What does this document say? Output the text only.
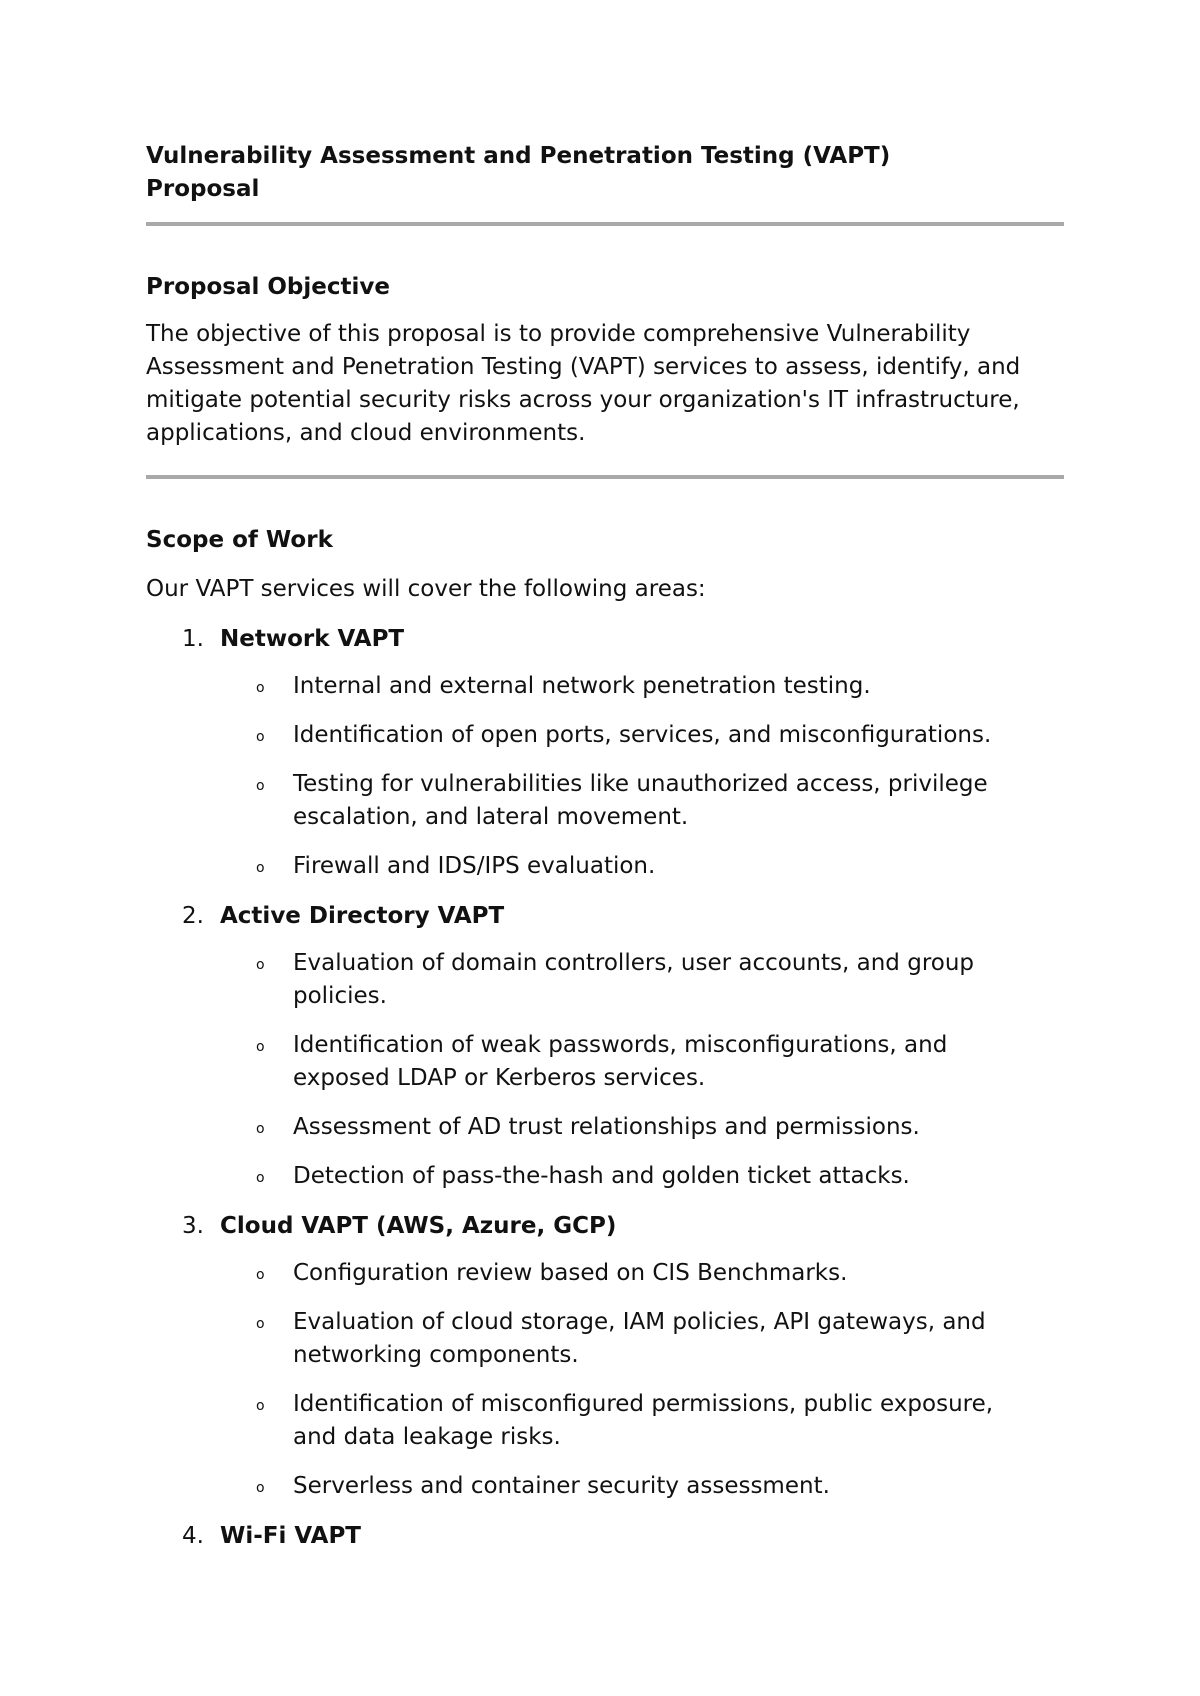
Vulnerability Assessment and Penetration Testing (VAPT) Proposal
Proposal Objective

The objective of this proposal is to provide comprehensive Vulnerability Assessment and Penetration Testing (VAPT) services to assess, identify, and mitigate potential security risks across your organization's IT infrastructure, applications, and cloud environments.

Scope of Work

Our VAPT services will cover the following areas:

1. Network VAPT
o Internal and external network penetration testing.
o Identification of open ports, services, and misconfigurations.
o Testing for vulnerabilities like unauthorized access, privilege escalation, and lateral movement.
o Firewall and IDS/IPS evaluation.
2. Active Directory VAPT
o Evaluation of domain controllers, user accounts, and group policies.
o Identification of weak passwords, misconfigurations, and exposed LDAP or Kerberos services.
o Assessment of AD trust relationships and permissions.
o Detection of pass-the-hash and golden ticket attacks.
3. Cloud VAPT (AWS, Azure, GCP)
o Configuration review based on CIS Benchmarks.
o Evaluation of cloud storage, IAM policies, API gateways, and networking components.
o Identification of misconfigured permissions, public exposure, and data leakage risks.
o Serverless and container security assessment.
4. Wi-Fi VAPT
